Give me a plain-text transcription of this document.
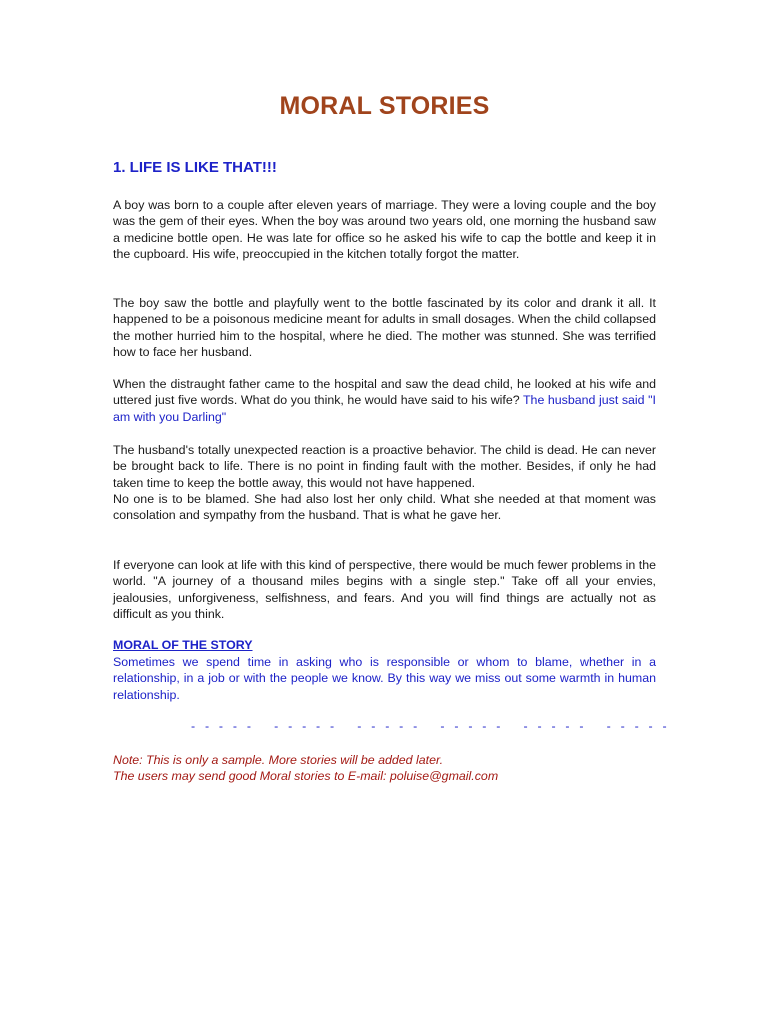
MORAL STORIES
1. LIFE IS LIKE THAT!!!

A boy was born to a couple after eleven years of marriage. They were a loving couple and the boy was the gem of their eyes. When the boy was around two years old, one morning the husband saw a medicine bottle open. He was late for office so he asked his wife to cap the bottle and keep it in the cupboard. His wife, preoccupied in the kitchen totally forgot the matter.

The boy saw the bottle and playfully went to the bottle fascinated by its color and drank it all. It happened to be a poisonous medicine meant for adults in small dosages. When the child collapsed the mother hurried him to the hospital, where he died. The mother was stunned. She was terrified how to face her husband.

When the distraught father came to the hospital and saw the dead child, he looked at his wife and uttered just five words. What do you think, he would have said to his wife? The husband just said "I am with you Darling"

The husband's totally unexpected reaction is a proactive behavior. The child is dead. He can never be brought back to life. There is no point in finding fault with the mother. Besides, if only he had taken time to keep the bottle away, this would not have happened.
No one is to be blamed. She had also lost her only child. What she needed at that moment was consolation and sympathy from the husband. That is what he gave her.

If everyone can look at life with this kind of perspective, there would be much fewer problems in the world. "A journey of a thousand miles begins with a single step." Take off all your envies, jealousies, unforgiveness, selfishness, and fears. And you will find things are actually not as difficult as you think.

MORAL OF THE STORY

Sometimes we spend time in asking who is responsible or whom to blame, whether in a relationship, in a job or with the people we know. By this way we miss out some warmth in human relationship.

- - - - -   - - - - -   - - - - -   - - - - -   - - - - -   - - - - -

Note: This is only a sample. More stories will be added later.

The users may send good Moral stories to E-mail: poluise@gmail.com
